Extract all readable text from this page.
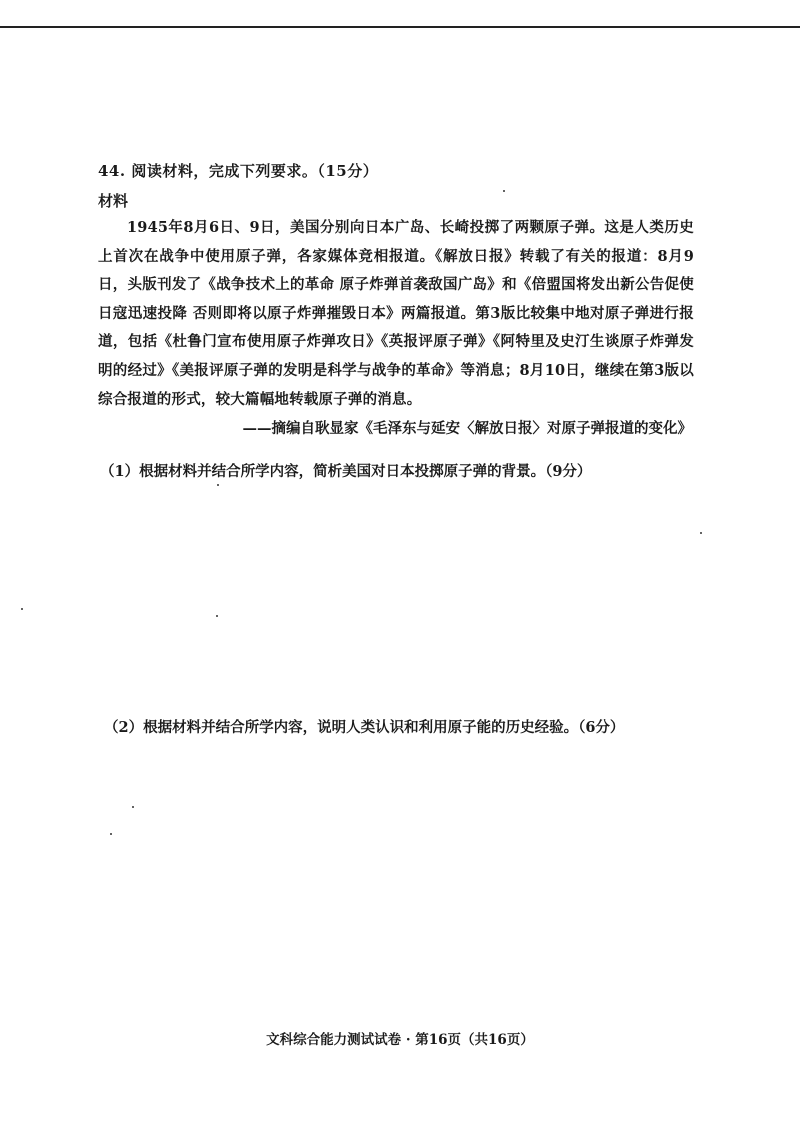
44. 阅读材料，完成下列要求。（15分）
材料
1945年8月6日、9日，美国分别向日本广岛、长崎投掷了两颗原子弹。这是人类历史上首次在战争中使用原子弹，各家媒体竞相报道。《解放日报》转载了有关的报道：8月9日，头版刊发了《战争技术上的革命 原子炸弹首袭敌国广岛》和《倍盟国将发出新公告促使日寇迅速投降 否则即将以原子炸弹摧毁日本》两篇报道。第3版比较集中地对原子弹进行报道，包括《杜鲁门宣布使用原子炸弹攻日》《英报评原子弹》《阿特里及史汀生谈原子炸弹发明的经过》《美报评原子弹的发明是科学与战争的革命》等消息；8月10日，继续在第3版以综合报道的形式，较大篇幅地转载原子弹的消息。
——摘编自耿显家《毛泽东与延安〈解放日报〉对原子弹报道的变化》
（1）根据材料并结合所学内容，简析美国对日本投掷原子弹的背景。（9分）
（2）根据材料并结合所学内容，说明人类认识和利用原子能的历史经验。（6分）
文科综合能力测试试卷 · 第16页（共16页）
